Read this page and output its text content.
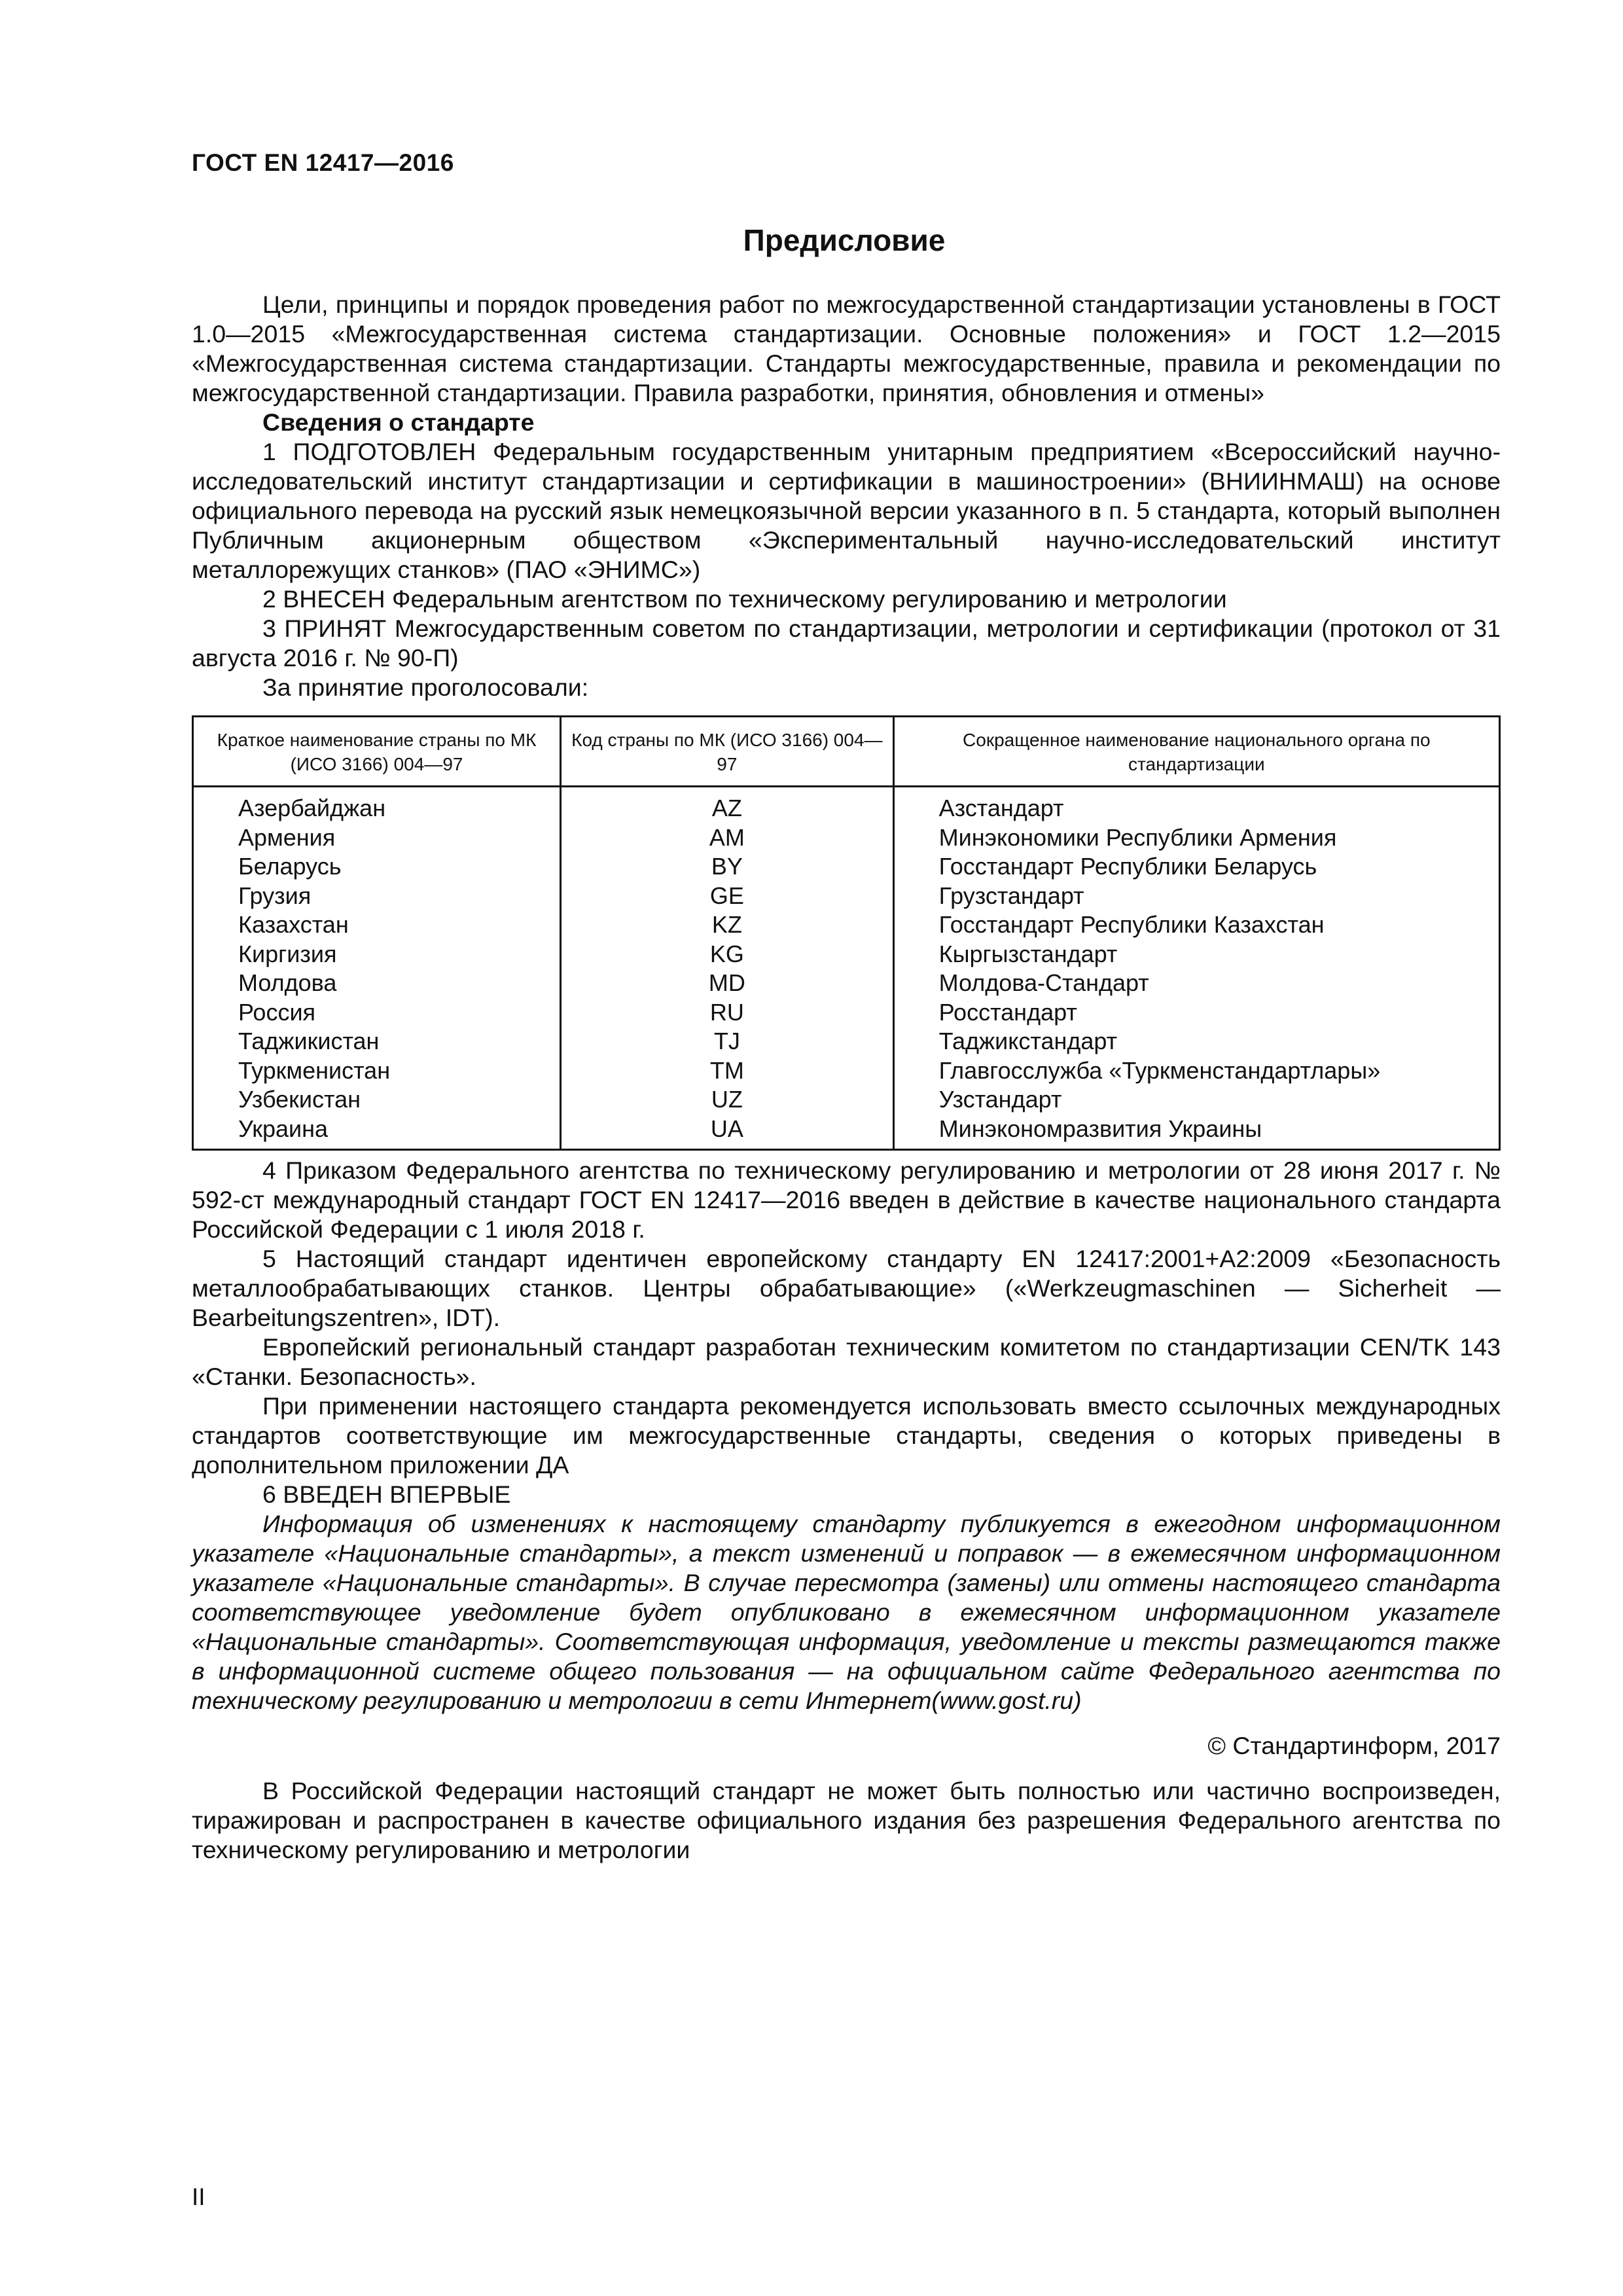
ГОСТ EN 12417—2016
Предисловие

Цели, принципы и порядок проведения работ по межгосударственной стандартизации установлены в ГОСТ 1.0—2015 «Межгосударственная система стандартизации. Основные положения» и ГОСТ 1.2—2015 «Межгосударственная система стандартизации. Стандарты межгосударственные, правила и рекомендации по межгосударственной стандартизации. Правила разработки, принятия, обновления и отмены»

Сведения о стандарте

1 ПОДГОТОВЛЕН Федеральным государственным унитарным предприятием «Всероссийский научно-исследовательский институт стандартизации и сертификации в машиностроении» (ВНИИНМАШ) на основе официального перевода на русский язык немецкоязычной версии указанного в п. 5 стандарта, который выполнен Публичным акционерным обществом «Экспериментальный научно-исследовательский институт металлорежущих станков» (ПАО «ЭНИМС»)

2 ВНЕСЕН Федеральным агентством по техническому регулированию и метрологии

3 ПРИНЯТ Межгосударственным советом по стандартизации, метрологии и сертификации (протокол от 31 августа 2016 г. № 90-П)

За принятие проголосовали:

Краткое наименование страны по МК (ИСО 3166) 004—97	Код страны по МК (ИСО 3166) 004—97	Сокращенное наименование национального органа по стандартизации
Азербайджан	AZ	Азстандарт
Армения	AM	Минэкономики Республики Армения
Беларусь	BY	Госстандарт Республики Беларусь
Грузия	GE	Грузстандарт
Казахстан	KZ	Госстандарт Республики Казахстан
Киргизия	KG	Кыргызстандарт
Молдова	MD	Молдова-Стандарт
Россия	RU	Росстандарт
Таджикистан	TJ	Таджикстандарт
Туркменистан	TM	Главгосслужба «Туркменстандартлары»
Узбекистан	UZ	Узстандарт
Украина	UA	Минэкономразвития Украины

4 Приказом Федерального агентства по техническому регулированию и метрологии от 28 июня 2017 г. № 592-ст международный стандарт ГОСТ EN 12417—2016 введен в действие в качестве национального стандарта Российской Федерации с 1 июля 2018 г.

5 Настоящий стандарт идентичен европейскому стандарту EN 12417:2001+A2:2009 «Безопасность металлообрабатывающих станков. Центры обрабатывающие» («Werkzeugmaschinen — Sicherheit — Bearbeitungszentren», IDT).

Европейский региональный стандарт разработан техническим комитетом по стандартизации CEN/TK 143 «Станки. Безопасность».

При применении настоящего стандарта рекомендуется использовать вместо ссылочных международных стандартов соответствующие им межгосударственные стандарты, сведения о которых приведены в дополнительном приложении ДА

6 ВВЕДЕН ВПЕРВЫЕ

Информация об изменениях к настоящему стандарту публикуется в ежегодном информационном указателе «Национальные стандарты», а текст изменений и поправок — в ежемесячном информационном указателе «Национальные стандарты». В случае пересмотра (замены) или отмены настоящего стандарта соответствующее уведомление будет опубликовано в ежемесячном информационном указателе «Национальные стандарты». Соответствующая информация, уведомление и тексты размещаются также в информационной системе общего пользования — на официальном сайте Федерального агентства по техническому регулированию и метрологии в сети Интернет(www.gost.ru)

© Стандартинформ, 2017

В Российской Федерации настоящий стандарт не может быть полностью или частично воспроизведен, тиражирован и распространен в качестве официального издания без разрешения Федерального агентства по техническому регулированию и метрологии

II
